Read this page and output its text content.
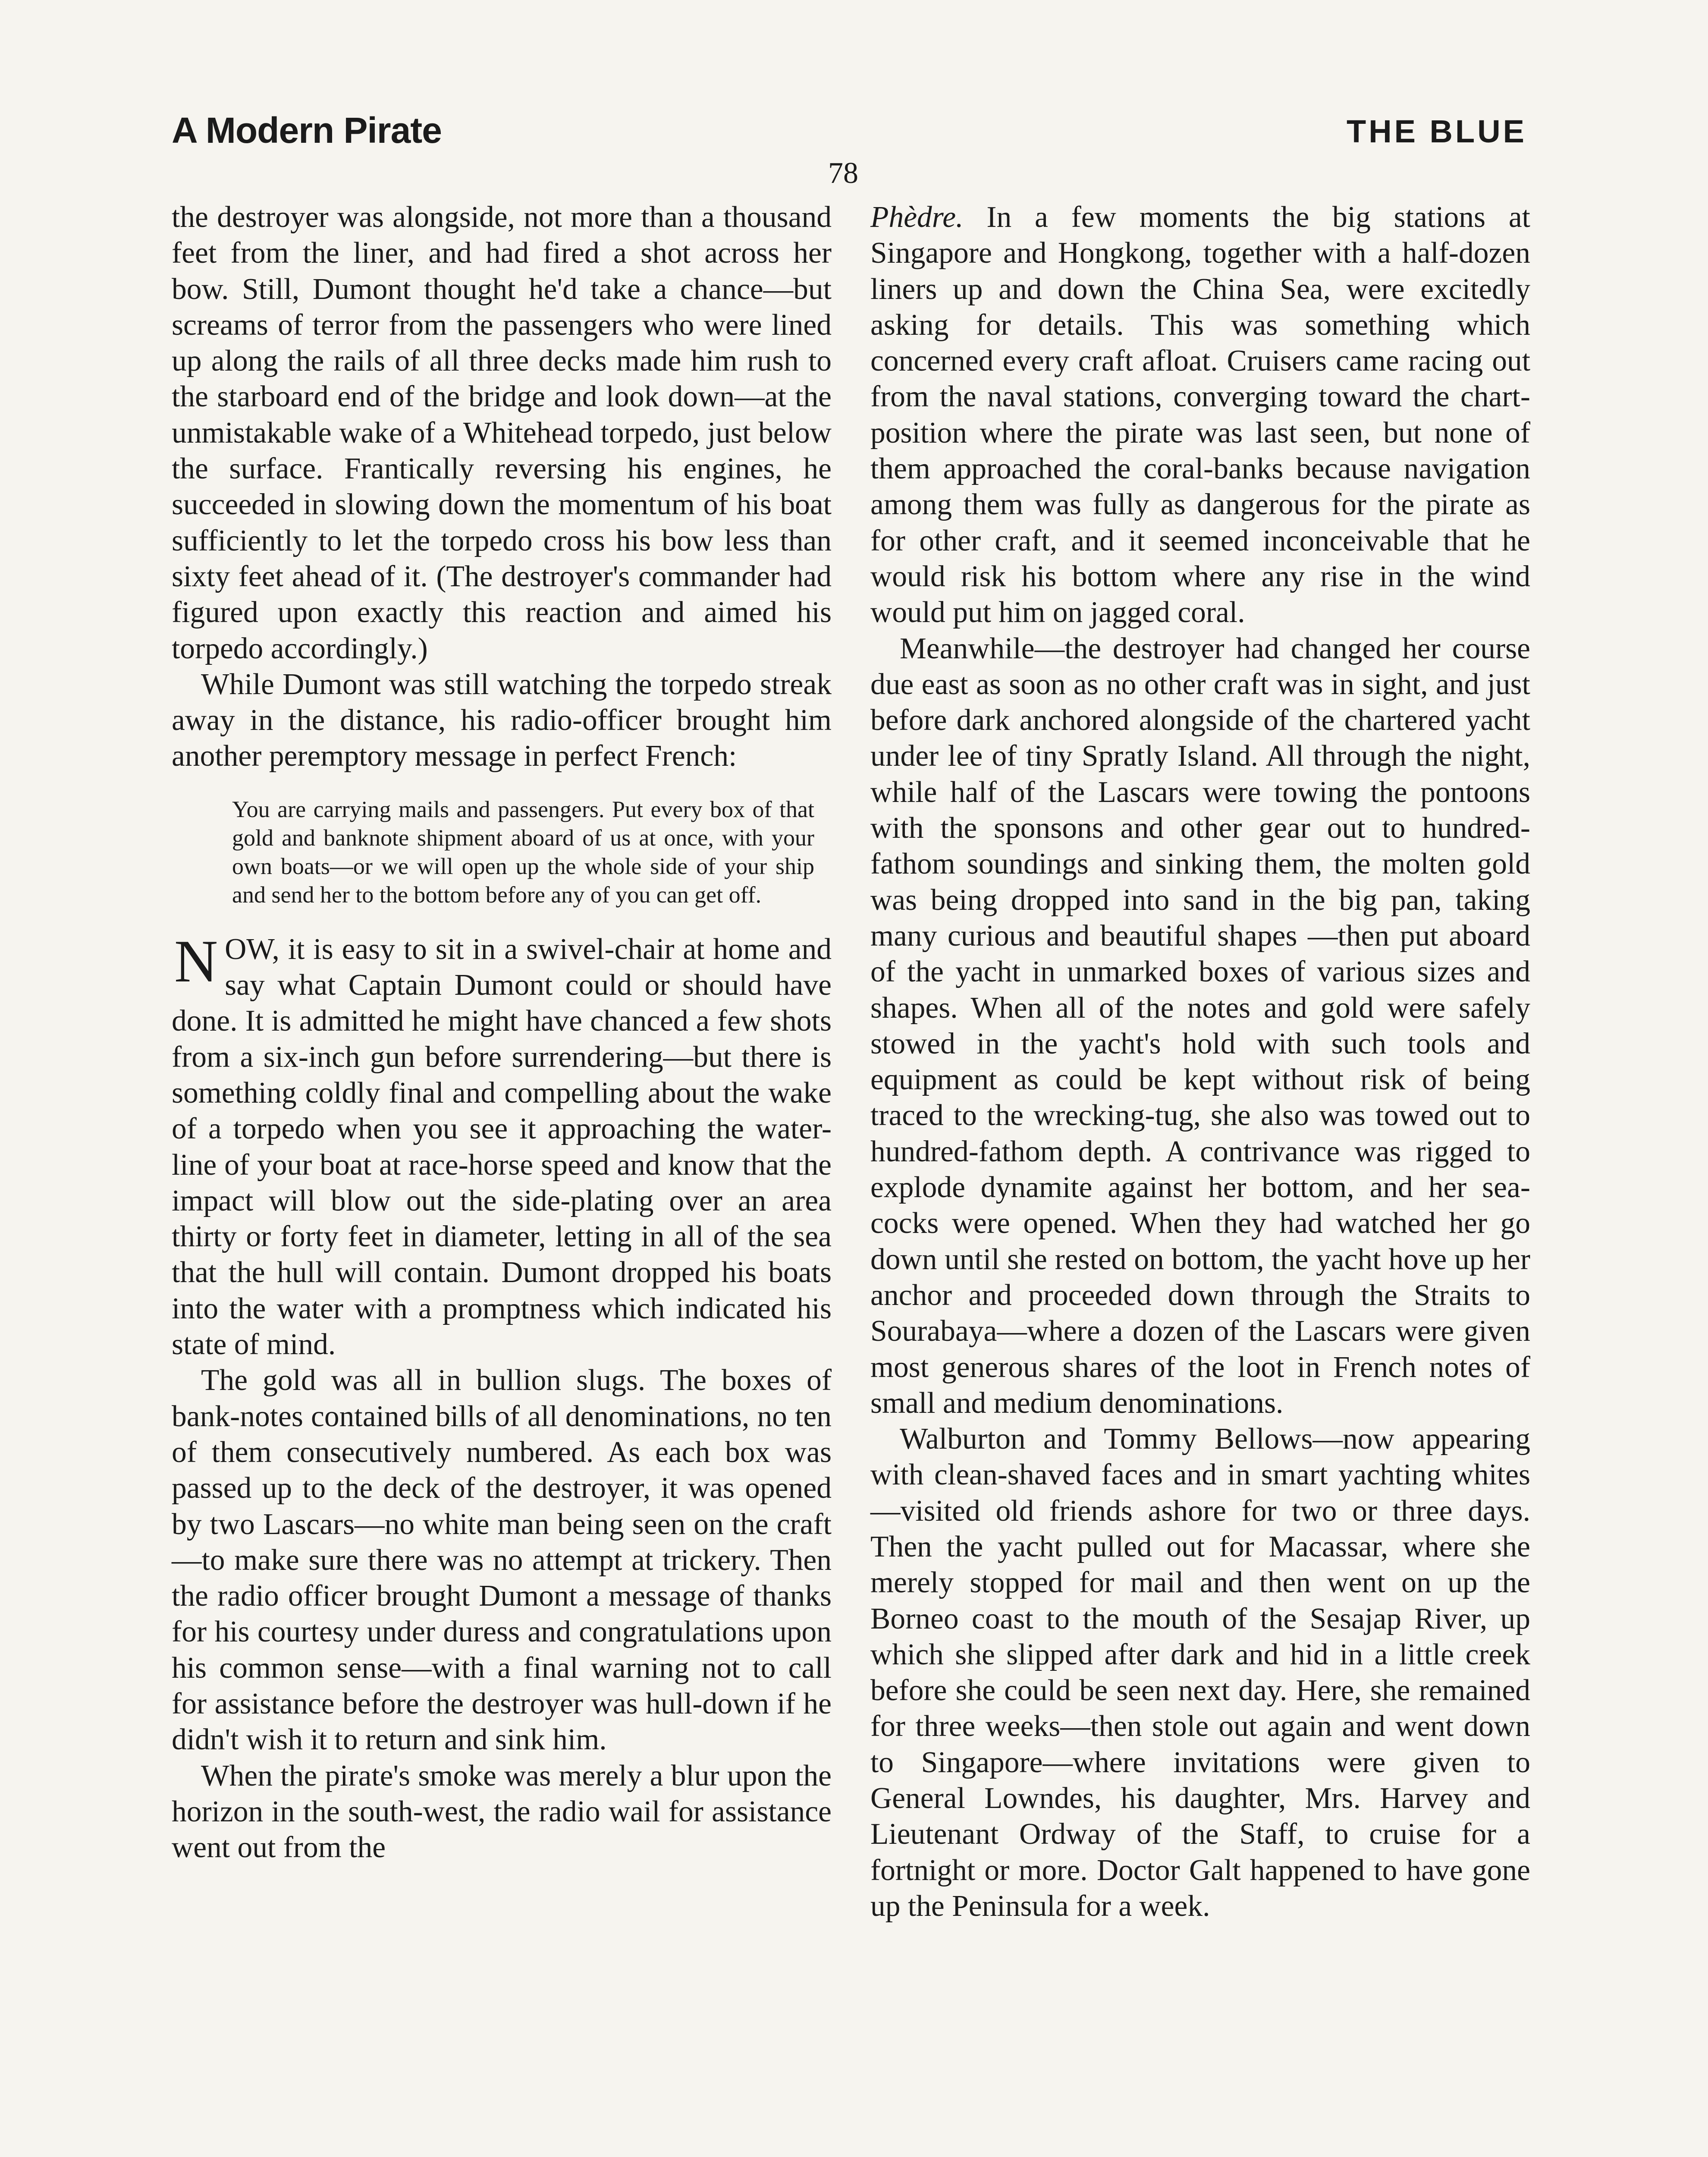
A Modern Pirate	THE BLUE
78

the destroyer was alongside, not more than a thousand feet from the liner, and had fired a shot across her bow. Still, Dumont thought he'd take a chance—but screams of terror from the passengers who were lined up along the rails of all three decks made him rush to the starboard end of the bridge and look down—at the unmistakable wake of a Whitehead torpedo, just below the surface. Frantically reversing his engines, he succeeded in slowing down the momentum of his boat sufficiently to let the torpedo cross his bow less than sixty feet ahead of it. (The destroyer's commander had figured upon exactly this reaction and aimed his torpedo accordingly.)

While Dumont was still watching the torpedo streak away in the distance, his radio-officer brought him another peremptory message in perfect French:

You are carrying mails and passengers. Put every box of that gold and banknote shipment aboard of us at once, with your own boats—or we will open up the whole side of your ship and send her to the bottom before any of you can get off.

NOW, it is easy to sit in a swivel-chair at home and say what Captain Dumont could or should have done. It is admitted he might have chanced a few shots from a six-inch gun before surrendering—but there is something coldly final and compelling about the wake of a torpedo when you see it approaching the water-line of your boat at race-horse speed and know that the impact will blow out the side-plating over an area thirty or forty feet in diameter, letting in all of the sea that the hull will contain. Dumont dropped his boats into the water with a promptness which indicated his state of mind.

The gold was all in bullion slugs. The boxes of bank-notes contained bills of all denominations, no ten of them consecutively numbered. As each box was passed up to the deck of the destroyer, it was opened by two Lascars—no white man being seen on the craft—to make sure there was no attempt at trickery. Then the radio officer brought Dumont a message of thanks for his courtesy under duress and congratulations upon his common sense—with a final warning not to call for assistance before the destroyer was hull-down if he didn't wish it to return and sink him.

When the pirate's smoke was merely a blur upon the horizon in the south-west, the radio wail for assistance went out from the

Phèdre. In a few moments the big stations at Singapore and Hongkong, together with a half-dozen liners up and down the China Sea, were excitedly asking for details. This was something which concerned every craft afloat. Cruisers came racing out from the naval stations, converging toward the chart-position where the pirate was last seen, but none of them approached the coral-banks because navigation among them was fully as dangerous for the pirate as for other craft, and it seemed inconceivable that he would risk his bottom where any rise in the wind would put him on jagged coral.

Meanwhile—the destroyer had changed her course due east as soon as no other craft was in sight, and just before dark anchored alongside of the chartered yacht under lee of tiny Spratly Island. All through the night, while half of the Lascars were towing the pontoons with the sponsons and other gear out to hundred-fathom soundings and sinking them, the molten gold was being dropped into sand in the big pan, taking many curious and beautiful shapes —then put aboard of the yacht in unmarked boxes of various sizes and shapes. When all of the notes and gold were safely stowed in the yacht's hold with such tools and equipment as could be kept without risk of being traced to the wrecking-tug, she also was towed out to hundred-fathom depth. A contrivance was rigged to explode dynamite against her bottom, and her sea-cocks were opened. When they had watched her go down until she rested on bottom, the yacht hove up her anchor and proceeded down through the Straits to Sourabaya—where a dozen of the Lascars were given most generous shares of the loot in French notes of small and medium denominations.

Walburton and Tommy Bellows—now appearing with clean-shaved faces and in smart yachting whites—visited old friends ashore for two or three days. Then the yacht pulled out for Macassar, where she merely stopped for mail and then went on up the Borneo coast to the mouth of the Sesajap River, up which she slipped after dark and hid in a little creek before she could be seen next day. Here, she remained for three weeks—then stole out again and went down to Singapore—where invitations were given to General Lowndes, his daughter, Mrs. Harvey and Lieutenant Ordway of the Staff, to cruise for a fortnight or more. Doctor Galt happened to have gone up the Peninsula for a week.
